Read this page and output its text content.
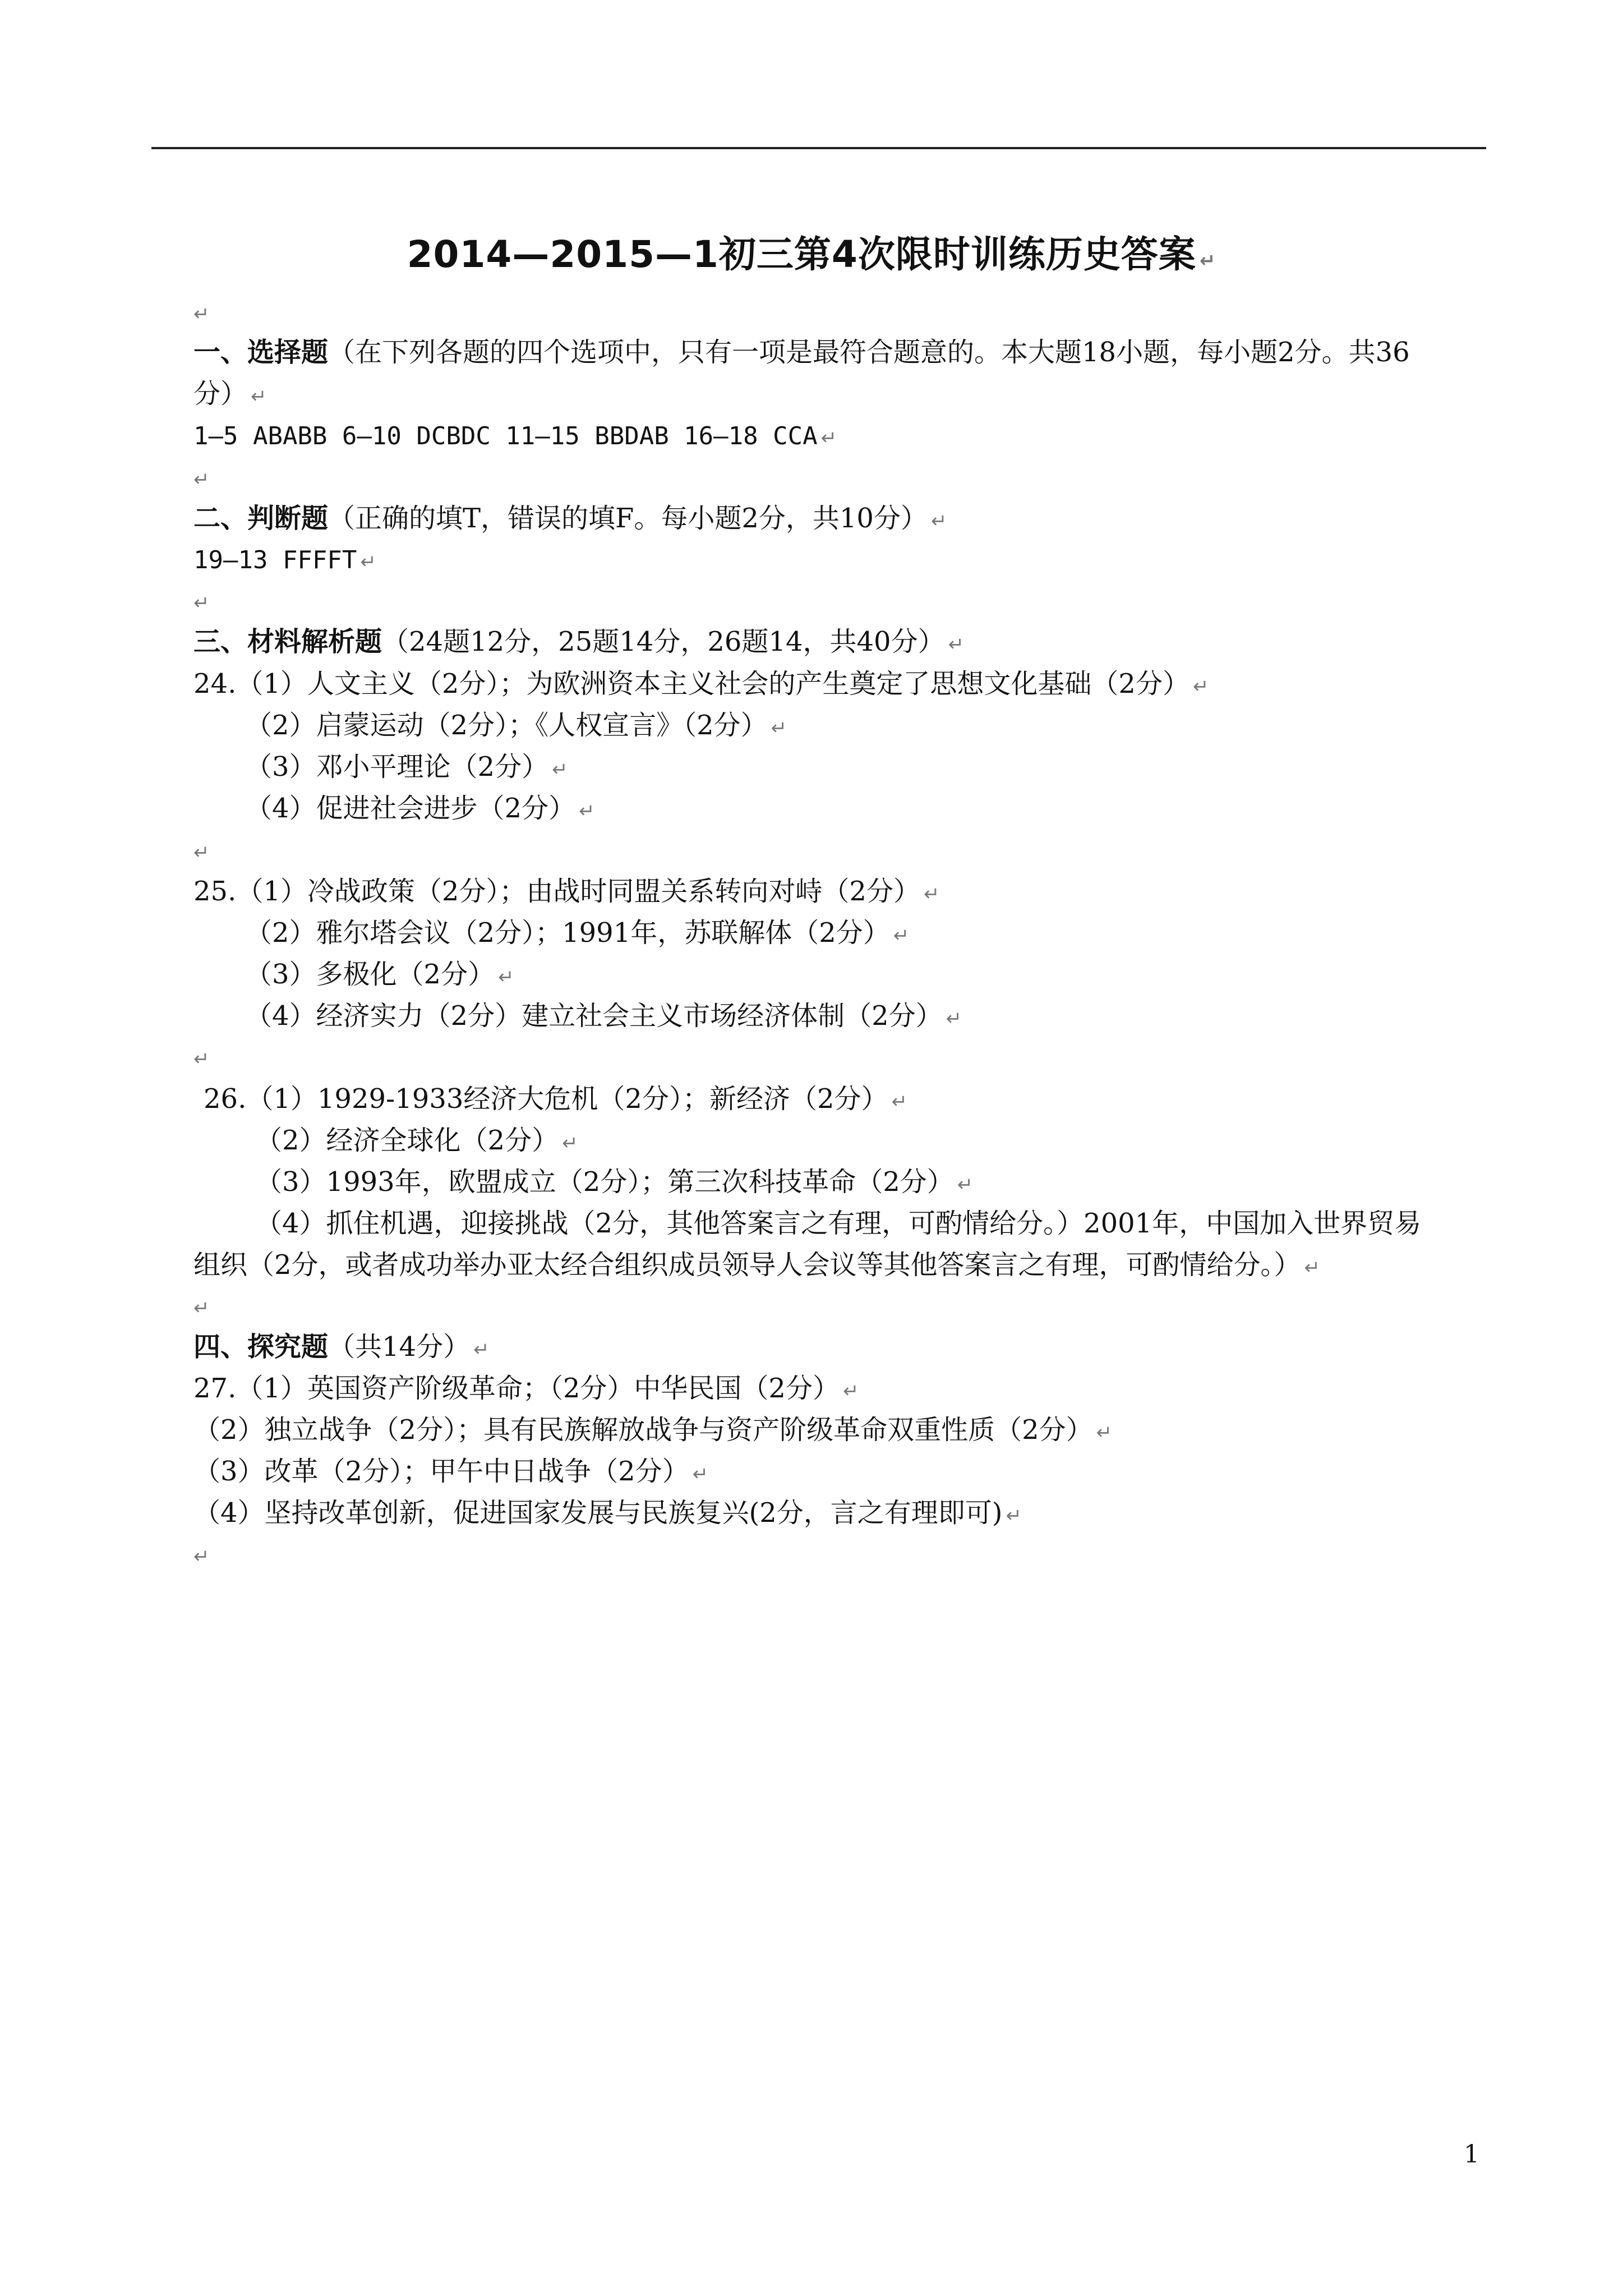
2014—2015—1初三第4次限时训练历史答案 ↵
↵
一、选择题（在下列各题的四个选项中，只有一项是最符合题意的。本大题18小题，每小题2分。共36
分） ↵
1—5 ABABB 6—10 DCBDC 11—15 BBDAB 16—18 CCA ↵
↵
二、判断题（正确的填T，错误的填F。每小题2分，共10分） ↵
19—13 FFFFT ↵
↵
三、材料解析题（24题12分，25题14分，26题14，共40分） ↵
24.（1）人文主义（2分）；为欧洲资本主义社会的产生奠定了思想文化基础（2分） ↵
（2）启蒙运动（2分）；《人权宣言》（2分） ↵
（3）邓小平理论（2分） ↵
（4）促进社会进步（2分） ↵
↵
25.（1）冷战政策（2分）；由战时同盟关系转向对峙（2分） ↵
（2）雅尔塔会议（2分）；1991年，苏联解体（2分） ↵
（3）多极化（2分） ↵
（4）经济实力（2分）建立社会主义市场经济体制（2分） ↵
↵
26.（1）1929-1933经济大危机（2分）；新经济（2分） ↵
（2）经济全球化（2分） ↵
（3）1993年，欧盟成立（2分）；第三次科技革命（2分） ↵
（4）抓住机遇，迎接挑战（2分，其他答案言之有理，可酌情给分。）2001年，中国加入世界贸易
组织（2分，或者成功举办亚太经合组织成员领导人会议等其他答案言之有理，可酌情给分。） ↵
↵
四、探究题（共14分） ↵
27.（1）英国资产阶级革命；（2分）中华民国（2分） ↵
（2）独立战争（2分）；具有民族解放战争与资产阶级革命双重性质（2分） ↵
（3）改革（2分）；甲午中日战争（2分） ↵
（4）坚持改革创新，促进国家发展与民族复兴(2分，言之有理即可) ↵
↵
1
